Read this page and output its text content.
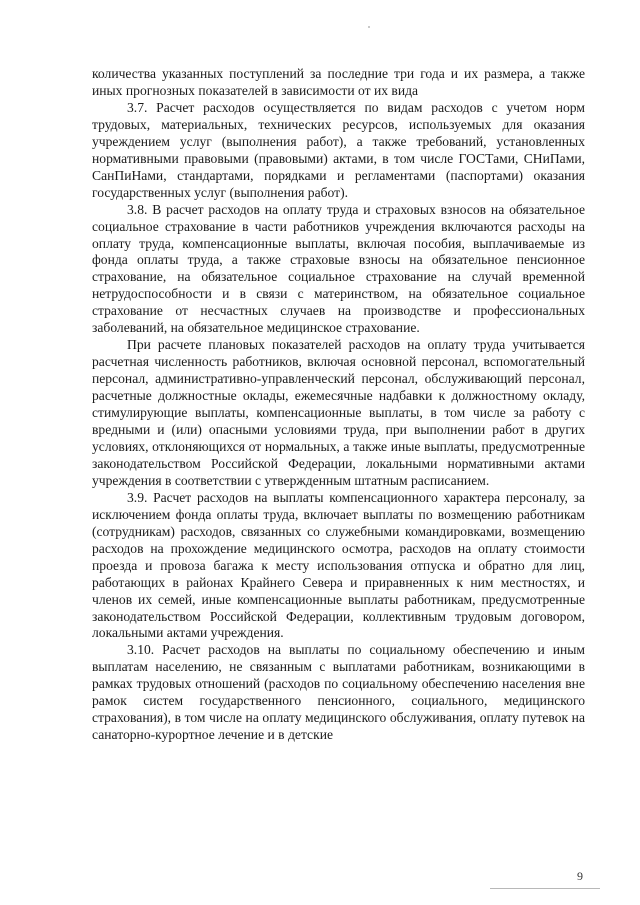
количества указанных поступлений за последние три года и их размера, а также иных прогнозных показателей в зависимости от их вида

3.7. Расчет расходов осуществляется по видам расходов с учетом норм трудовых, материальных, технических ресурсов, используемых для оказания учреждением услуг (выполнения работ), а также требований, установленных нормативными правовыми (правовыми) актами, в том числе ГОСТами, СНиПами, СанПиНами, стандартами, порядками и регламентами (паспортами) оказания государственных услуг (выполнения работ).

3.8. В расчет расходов на оплату труда и страховых взносов на обязательное социальное страхование в части работников учреждения включаются расходы на оплату труда, компенсационные выплаты, включая пособия, выплачиваемые из фонда оплаты труда, а также страховые взносы на обязательное пенсионное страхование, на обязательное социальное страхование на случай временной нетрудоспособности и в связи с материнством, на обязательное социальное страхование от несчастных случаев на производстве и профессиональных заболеваний, на обязательное медицинское страхование.

При расчете плановых показателей расходов на оплату труда учитывается расчетная численность работников, включая основной персонал, вспомогательный персонал, административно-управленческий персонал, обслуживающий персонал, расчетные должностные оклады, ежемесячные надбавки к должностному окладу, стимулирующие выплаты, компенсационные выплаты, в том числе за работу с вредными и (или) опасными условиями труда, при выполнении работ в других условиях, отклоняющихся от нормальных, а также иные выплаты, предусмотренные законодательством Российской Федерации, локальными нормативными актами учреждения в соответствии с утвержденным штатным расписанием.

3.9. Расчет расходов на выплаты компенсационного характера персоналу, за исключением фонда оплаты труда, включает выплаты по возмещению работникам (сотрудникам) расходов, связанных со служебными командировками, возмещению расходов на прохождение медицинского осмотра, расходов на оплату стоимости проезда и провоза багажа к месту использования отпуска и обратно для лиц, работающих в районах Крайнего Севера и приравненных к ним местностях, и членов их семей, иные компенсационные выплаты работникам, предусмотренные законодательством Российской Федерации, коллективным трудовым договором, локальными актами учреждения.

3.10. Расчет расходов на выплаты по социальному обеспечению и иным выплатам населению, не связанным с выплатами работникам, возникающими в рамках трудовых отношений (расходов по социальному обеспечению населения вне рамок систем государственного пенсионного, социального, медицинского страхования), в том числе на оплату медицинского обслуживания, оплату путевок на санаторно-курортное лечение и в детские

9
